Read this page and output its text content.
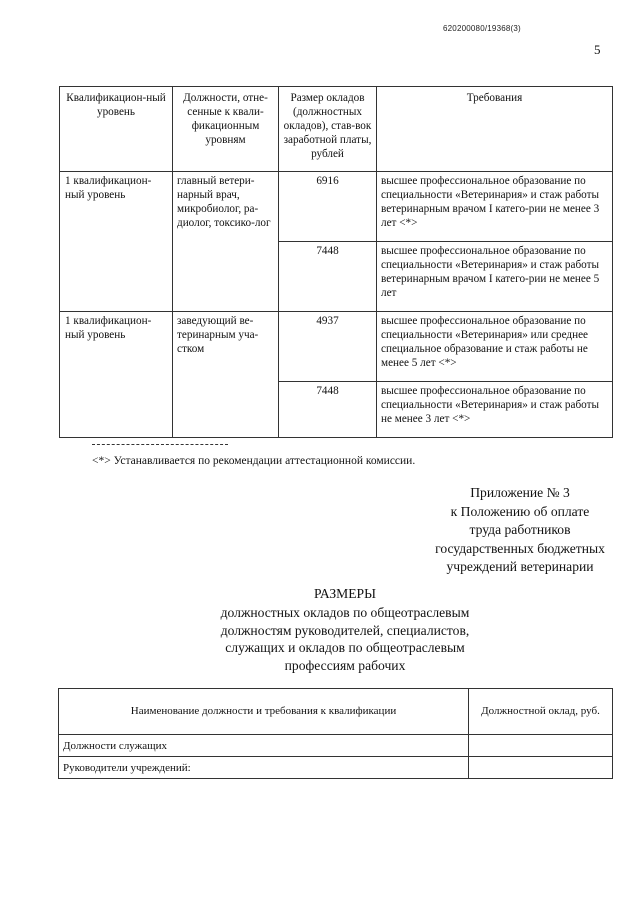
620200080/19368(3)
5
Квалификацион-ный уровень	Должности, отне-сенные к квали-фикационным уровням	Размер окладов (должностных окладов), став-вок заработной платы, рублей	Требования
1 квалификацион-ный уровень	главный ветери-нарный врач, микробиолог, ра-диолог, токсико-лог	6916	высшее профессиональное образование по специальности «Ветеринария» и стаж работы ветеринарным врачом I катего-рии не менее 3 лет <*>
		7448	высшее профессиональное образование по специальности «Ветеринария» и стаж работы ветеринарным врачом I катего-рии не менее 5 лет
1 квалификацион-ный уровень	заведующий ве-теринарным уча-стком	4937	высшее профессиональное образование по специальности «Ветеринария» или среднее специальное образование и стаж работы не менее 5 лет <*>
		7448	высшее профессиональное образование по специальности «Ветеринария» и стаж работы не менее 3 лет <*>
<*> Устанавливается по рекомендации аттестационной комиссии.
Приложение № 3
к Положению об оплате
труда работников
государственных бюджетных
учреждений ветеринарии
РАЗМЕРЫ
должностных окладов по общеотраслевым
должностям руководителей, специалистов,
служащих и окладов по общеотраслевым
профессиям рабочих
Наименование должности и требования к квалификации	Должностной оклад, руб.
Должности служащих	
Руководители учреждений:	
